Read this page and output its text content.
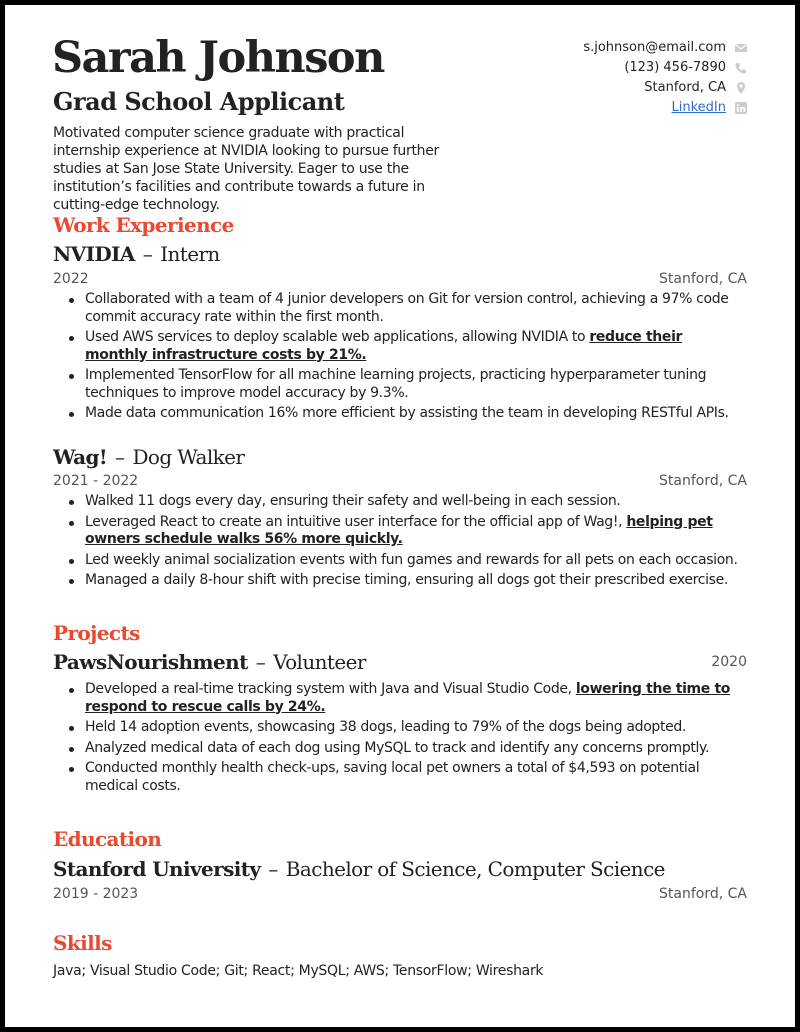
Sarah Johnson
Grad School Applicant
Motivated computer science graduate with practical internship experience at NVIDIA looking to pursue further studies at San Jose State University. Eager to use the institution’s facilities and contribute towards a future in cutting-edge technology.
s.johnson@email.com
(123) 456-7890
Stanford, CA
LinkedIn
Work Experience
NVIDIA – Intern
2022	Stanford, CA
Collaborated with a team of 4 junior developers on Git for version control, achieving a 97% code commit accuracy rate within the first month.
Used AWS services to deploy scalable web applications, allowing NVIDIA to reduce their monthly infrastructure costs by 21%.
Implemented TensorFlow for all machine learning projects, practicing hyperparameter tuning techniques to improve model accuracy by 9.3%.
Made data communication 16% more efficient by assisting the team in developing RESTful APIs.
Wag! – Dog Walker
2021 - 2022	Stanford, CA
Walked 11 dogs every day, ensuring their safety and well-being in each session.
Leveraged React to create an intuitive user interface for the official app of Wag!, helping pet owners schedule walks 56% more quickly.
Led weekly animal socialization events with fun games and rewards for all pets on each occasion.
Managed a daily 8-hour shift with precise timing, ensuring all dogs got their prescribed exercise.
Projects
PawsNourishment – Volunteer	2020
Developed a real-time tracking system with Java and Visual Studio Code, lowering the time to respond to rescue calls by 24%.
Held 14 adoption events, showcasing 38 dogs, leading to 79% of the dogs being adopted.
Analyzed medical data of each dog using MySQL to track and identify any concerns promptly.
Conducted monthly health check-ups, saving local pet owners a total of $4,593 on potential medical costs.
Education
Stanford University – Bachelor of Science, Computer Science
2019 - 2023	Stanford, CA
Skills
Java; Visual Studio Code; Git; React; MySQL; AWS; TensorFlow; Wireshark
